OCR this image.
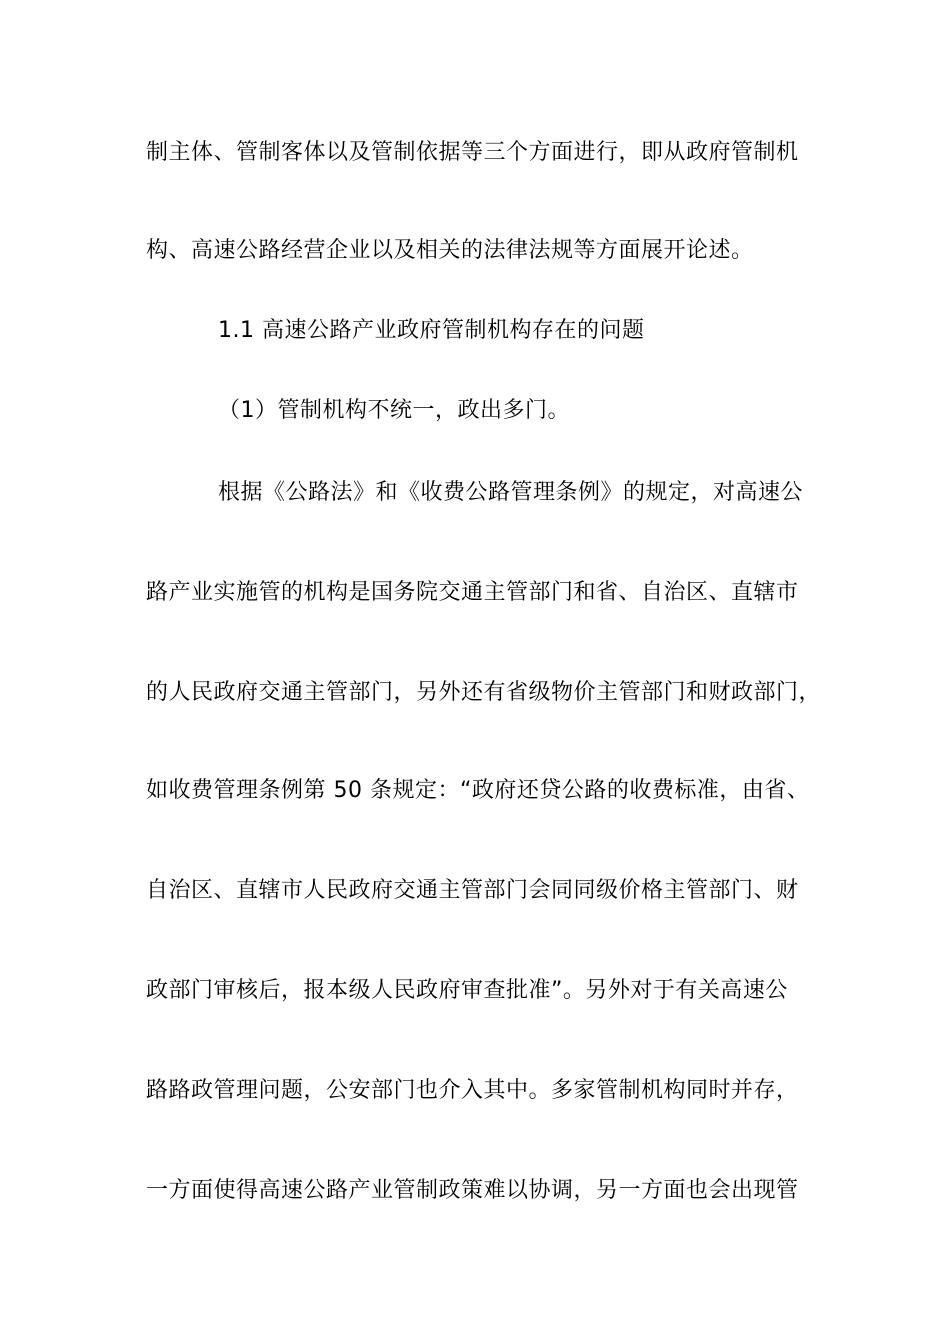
制主体、管制客体以及管制依据等三个方面进行，即从政府管制机
构、高速公路经营企业以及相关的法律法规等方面展开论述。
1.1 高速公路产业政府管制机构存在的问题
（1）管制机构不统一，政出多门。
根据《公路法》和《收费公路管理条例》的规定，对高速公
路产业实施管的机构是国务院交通主管部门和省、自治区、直辖市
的人民政府交通主管部门，另外还有省级物价主管部门和财政部门，
如收费管理条例第 50 条规定：“政府还贷公路的收费标准，由省、
自治区、直辖市人民政府交通主管部门会同同级价格主管部门、财
政部门审核后，报本级人民政府审查批准”。另外对于有关高速公
路路政管理问题，公安部门也介入其中。多家管制机构同时并存，
一方面使得高速公路产业管制政策难以协调，另一方面也会出现管
